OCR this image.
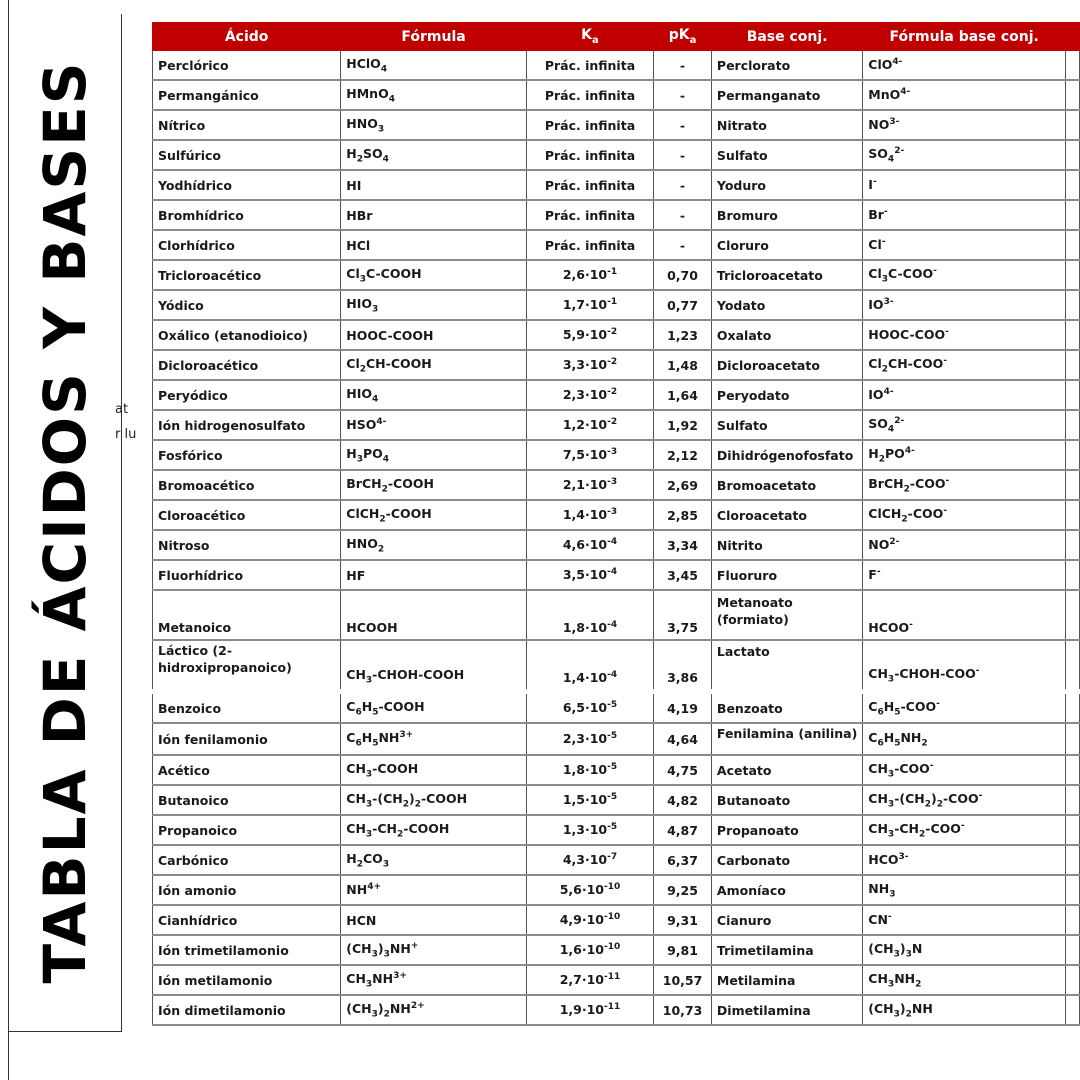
TABLA DE ÁCIDOS Y BASES	at
r lu
Ácido	Fórmula	$K_a$	$pK_a$	Base conj.	Fórmula base conj.	
Perclórico	HClO$_4$	Prác. infinita	-	Perclorato	ClO$^{4-}$	
Permangánico	HMnO$_4$	Prác. infinita	-	Permanganato	MnO$^{4-}$	
Nítrico	$HNO_3$	Prác. infinita	-	Nitrato	$NO^{3-}$	
Sulfúrico	$H_2SO_4$	Prác. infinita	-	Sulfato	$SO_4^{2-}$	
Yodhídrico	HI	Prác. infinita	-	Yoduro	I-	
Bromhídrico	HBr	Prác. infinita	-	Bromuro	Br-	
Clorhídrico	HCl	Prác. infinita	-	Cloruro	Cl-	
Tricloroacético	$Cl_3C$-COOH	$2,6\cdot 10^{-1}$	0,70	Tricloroacetato	$Cl_3C-COO^-$	
Yódico	$HIO_3$	$1,7\cdot 10^{-1}$	0,77	Yodato	$IO^{3-}$	
Oxálico (etanodioico)	HOOC-COOH	$5,9\cdot 10^{-2}$	1,23	Oxalato	HOOC-COO-	
Dicloroacético	$Cl_2CH$-COOH	$3,3\cdot 10^{-2}$	1,48	Dicloroacetato	$Cl_2CH-COO^-$	
Peryódico	$HIO_4$	$2,3\cdot 10^{-2}$	1,64	Peryodato	$IO^{4-}$	
Ión hidrogenosulfato	$HSO^{4-}$	$1,2\cdot 10^{-2}$	1,92	Sulfato	$SO_4^{2-}$	
Fosfórico	$H_3PO_4$	$7,5\cdot 10^{-3}$	2,12	Dihidrógenofosfato	$H_2PO^{4-}$	
Bromoacético	BrCH$_2$-COOH	$2,1\cdot 10^{-3}$	2,69	Bromoacetato	BrCH$_2$-COO-	
Cloroacético	ClCH$_2$-COOH	$1,4\cdot 10^{-3}$	2,85	Cloroacetato	ClCH$_2$-COO-	
Nitroso	$HNO_2$	$4,6\cdot 10^{-4}$	3,34	Nitrito	$NO^{2-}$	
Fluorhídrico	HF	$3,5\cdot 10^{-4}$	3,45	Fluoruro	F-	
Metanoico	HCOOH	$1,8\cdot 10^{-4}$	3,75	Metanoato (formiato)	HCOO-	
Láctico (2-hidroxipropanoico)	$CH_3-CHOH$-COOH	$1,4\cdot 10^{-4}$	3,86	Lactato	$CH_3-CHOH-COO^-$	
Benzoico	$C_6H_5$-COOH	$6,5\cdot 10^{-5}$	4,19	Benzoato	$C_6H_5-COO^-$	
Ión fenilamonio	$C_6H_5NH^{3+}$	$2,3\cdot 10^{-5}$	4,64	Fenilamina (anilina)	$C_6H_5NH_2$	
Acético	$CH_3$-COOH	$1,8\cdot 10^{-5}$	4,75	Acetato	$CH_3-COO^-$	
Butanoico	$CH_3-(CH_2)_2$-COOH	$1,5\cdot 10^{-5}$	4,82	Butanoato	$CH_3-(CH_2)_2-COO^-$	
Propanoico	$CH_3-CH_2$-COOH	$1,3\cdot 10^{-5}$	4,87	Propanoato	$CH_3-CH_2-COO^-$	
Carbónico	$H_2CO_3$	$4,3\cdot 10^{-7}$	6,37	Carbonato	$HCO^{3-}$	
Ión amonio	$NH^{4+}$	$5,6\cdot 10^{-10}$	9,25	Amoníaco	$NH_3$	
Cianhídrico	HCN	$4,9\cdot 10^{-10}$	9,31	Cianuro	CN-	
Ión trimetilamonio	$(CH_3)_3NH^+$	$1,6\cdot 10^{-10}$	9,81	Trimetilamina	$(CH_3)_3N$	
Ión metilamonio	$CH_3NH^{3+}$	$2,7\cdot 10^{-11}$	10,57	Metilamina	$CH_3NH_2$	
Ión dimetilamonio	$(CH_3)_2NH^{2+}$	$1,9\cdot 10^{-11}$	10,73	Dimetilamina	$(CH_3)_2NH$	
